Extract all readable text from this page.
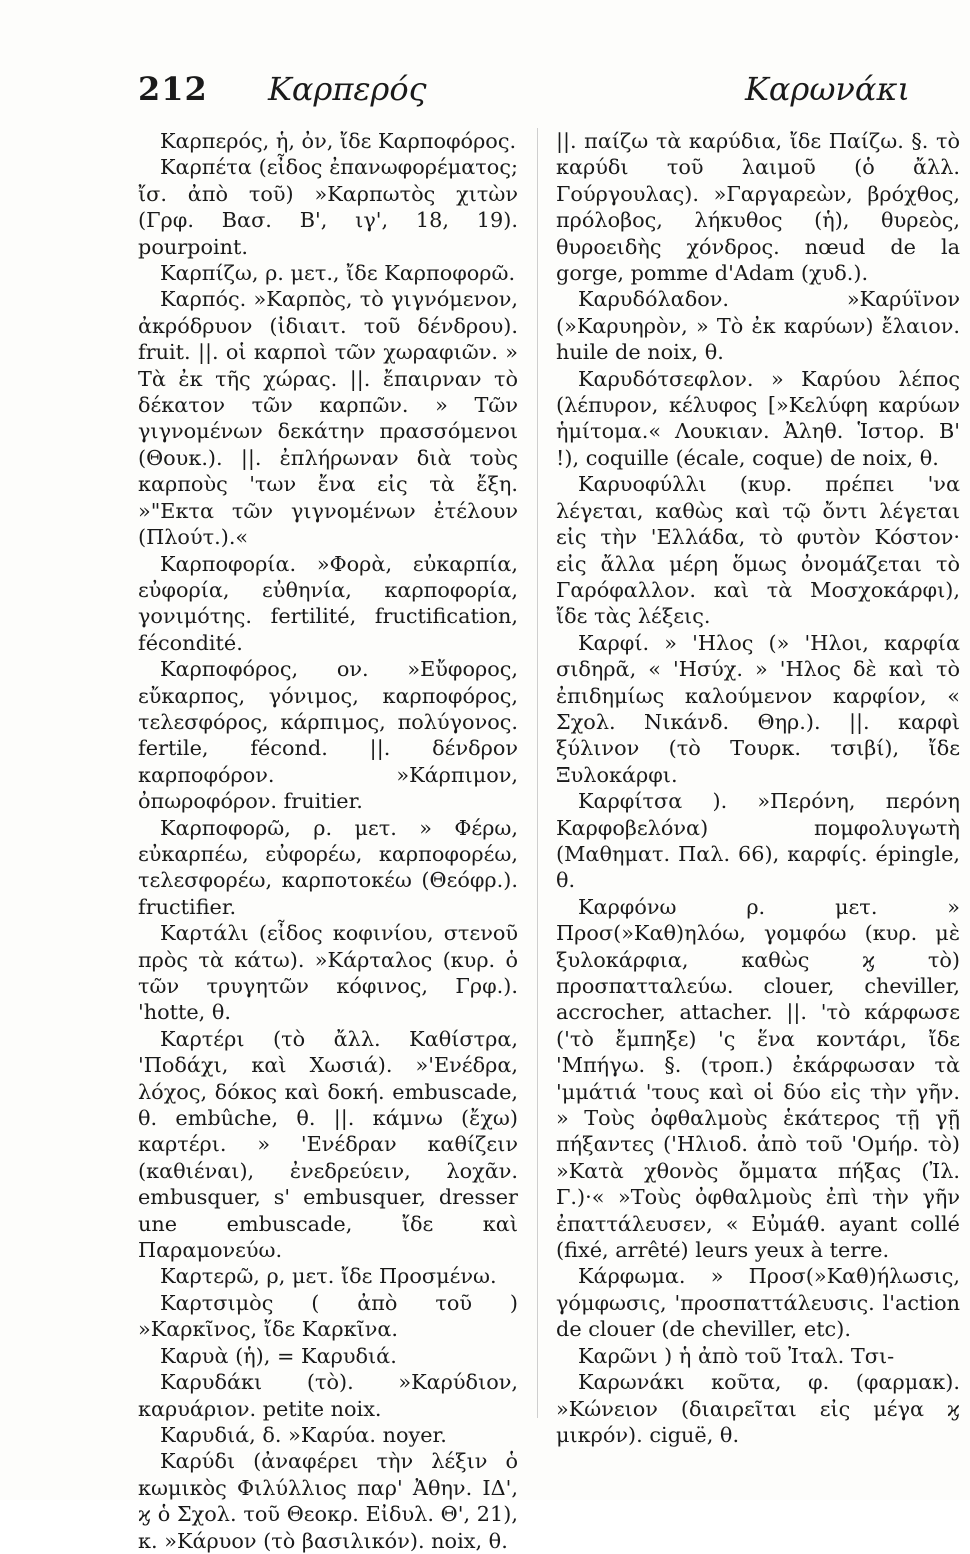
212 Καρπερός	Καρωνάκι

Καρπερός, ἡ, ὀν, ἴδε Καρποφόρος.

Καρπέτα (εἶδος ἐπανωφορέματος; ἴσ. ἀπὸ τοῦ) »Καρπωτὸς χιτὼν (Γρφ. Βασ. Β', ιγ', 18, 19). pourpoint.

Καρπίζω, ρ. μετ., ἴδε Καρποφορῶ.

Καρπός. »Καρπὸς, τὸ γιγνόμενον, ἀκρόδρυον (ἰδιαιτ. τοῦ δένδρου). fruit. ||. οἱ καρποὶ τῶν χωραφιῶν. » Τὰ ἐκ τῆς χώρας. ||. ἔπαιρναν τὸ δέκατον τῶν καρπῶν. » Τῶν γιγνομένων δεκάτην πρασσόμενοι (Θουκ.). ||. ἐπλήρωναν διὰ τοὺς καρποὺς 'των ἔνα εἰς τὰ ἔξη. »"Εκτα τῶν γιγνομένων ἐτέλουν (Πλούτ.).«

Καρποφορία. »Φορὰ, εὐκαρπία, εὐφορία, εὐθηνία, καρποφορία, γονιμότης. fertilité, fructification, fécondité.

Καρποφόρος, ον. »Εὔφορος, εὔκαρπος, γόνιμος, καρποφόρος, τελεσφόρος, κάρπιμος, πολύγονος. fertile, fécond. ||. δένδρον καρποφόρον. »Κάρπιμον, ὀπωροφόρον. fruitier.

Καρποφορῶ, ρ. μετ. » Φέρω, εὐκαρπέω, εὐφορέω, καρποφορέω, τελεσφορέω, καρποτοκέω (Θεόφρ.). fructifier.

Καρτάλι (εἶδος κοφινίου, στενοῦ πρὸς τὰ κάτω). »Κάρταλος (κυρ. ὁ τῶν τρυγητῶν κόφινος, Γρφ.). 'hotte, θ.

Καρτέρι (τὸ ἄλλ. Καθίστρα, 'Ποδάχι, καὶ Χωσιά). »'Ενέδρα, λόχος, δόκος καὶ δοκή. embuscade, θ. embûche, θ. ||. κάμνω (ἔχω) καρτέρι. » 'Ενέδραν καθίζειν (καθιέναι), ἐνεδρεύειν, λοχᾶν. embusquer, s' embusquer, dresser une embuscade, ἴδε καὶ Παραμονεύω.

Καρτερῶ, ρ, μετ. ἴδε Προσμένω.

Καρτσιμὸς ( ἀπὸ τοῦ ) »Καρκῖνος, ἴδε Καρκῖνα.

Καρυὰ (ἡ), = Καρυδιά.

Καρυδάκι (τὸ). »Καρύδιον, καρυάριον. petite noix.

Καρυδιά, δ. »Καρύα. noyer.

Καρύδι (ἀναφέρει τὴν λέξιν ὁ κωμικὸς Φιλύλλιος παρ' Ἀθην. ΙΔ', ϗ ὁ Σχολ. τοῦ Θεοκρ. Εἰδυλ. Θ', 21), κ. »Κάρυον (τὸ βασιλικόν). noix, θ.

||. παίζω τὰ καρύδια, ἴδε Παίζω. §. τὸ καρύδι τοῦ λαιμοῦ (ὁ ἄλλ. Γούργουλας). »Γαργαρεὼν, βρόχθος, πρόλοβος, λήκυθος (ἡ), θυρεὸς, θυροειδὴς χόνδρος. nœud de la gorge, pomme d'Adam (χυδ.).

Καρυδόλαδον. »Καρύϊνον (»Καρυηρὸν, » Τὸ ἐκ καρύων) ἔλαιον. huile de noix, θ.

Καρυδότσεφλον. » Καρύου λέπος (λέπυρον, κέλυφος [»Κελύφη καρύων ἡμίτομα.« Λουκιαν. Ἀληθ. Ἱστορ. Β' !), coquille (écale, coque) de noix, θ.

Καρυοφύλλι (κυρ. πρέπει 'να λέγεται, καθὼς καὶ τῷ ὄντι λέγεται εἰς τὴν 'Ελλάδα, τὸ φυτὸν Κόστον· εἰς ἄλλα μέρη ὅμως ὀνομάζεται τὸ Γαρόφαλλον. καὶ τὰ Μοσχοκάρφι), ἴδε τὰς λέξεις.

Καρφί. » 'Ηλος (» 'Ηλοι, καρφία σιδηρᾶ, « 'Ησύχ. » 'Ηλος δὲ καὶ τὸ ἐπιδημίως καλούμενον καρφίον, « Σχολ. Νικάνδ. Θηρ.). ||. καρφὶ ξύλινον (τὸ Τουρκ. τσιβί), ἴδε Ξυλοκάρφι.

Καρφίτσα ). »Περόνη, περόνη Καρφοβελόνα) πομφολυγωτὴ (Μαθηματ. Παλ. 66), καρφίς. épingle, θ.

Καρφόνω ρ. μετ. » Προσ(»Καθ)ηλόω, γομφόω (κυρ. μὲ ξυλοκάρφια, καθὼς ϗ τὸ) προσπατταλεύω. clouer, cheviller, accrocher, attacher. ||. 'τὸ κάρφωσε ('τὸ ἔμπηξε) 'ς ἕνα κοντάρι, ἴδε 'Μπήγω. §. (τροπ.) ἐκάρφωσαν τὰ 'μμάτιά 'τους καὶ οἱ δύο εἰς τὴν γῆν. » Τοὺς ὀφθαλμοὺς ἑκάτερος τῇ γῇ πήξαντες ('Ηλιοδ. ἀπὸ τοῦ 'Ομήρ. τὸ) »Κατὰ χθονὸς ὄμματα πήξας (Ἰλ. Γ.)·« »Τοὺς ὀφθαλμοὺς ἐπὶ τὴν γῆν ἐπαττάλευσεν, « Εὐμάθ. ayant collé (fixé, arrêté) leurs yeux à terre.

Κάρφωμα. » Προσ(»Καθ)ήλωσις, γόμφωσις, 'προσπαττάλευσις. l'action de clouer (de cheviller, etc).

Καρῶνι ) ἡ ἀπὸ τοῦ Ἰταλ. Τσι-

Καρωνάκι κοῦτα, φ. (φαρμακ). »Κώνειον (διαιρεῖται εἰς μέγα ϗ μικρόν). ciguë, θ.
